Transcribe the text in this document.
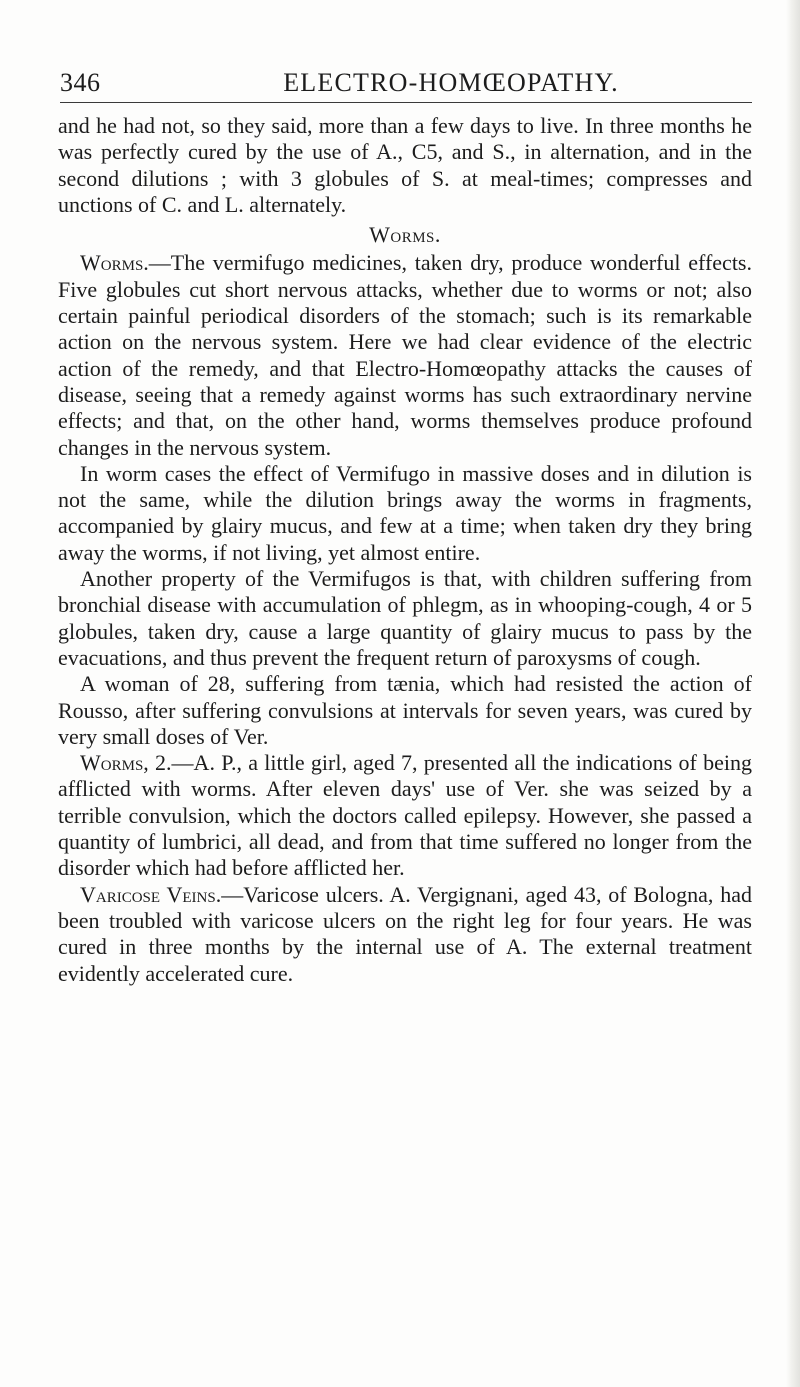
346	ELECTRO-HOMŒOPATHY.

and he had not, so they said, more than a few days to live. In three months he was perfectly cured by the use of A., C5, and S., in alternation, and in the second dilutions ; with 3 globules of S. at meal-times; compresses and unctions of C. and L. alternately.

Worms.

Worms.—The vermifugo medicines, taken dry, produce wonderful effects. Five globules cut short nervous attacks, whether due to worms or not; also certain painful periodical disorders of the stomach; such is its remarkable action on the nervous system. Here we had clear evidence of the electric action of the remedy, and that Electro-Homœopathy attacks the causes of disease, seeing that a remedy against worms has such extraordinary nervine effects; and that, on the other hand, worms themselves produce profound changes in the nervous system.

In worm cases the effect of Vermifugo in massive doses and in dilution is not the same, while the dilution brings away the worms in fragments, accompanied by glairy mucus, and few at a time; when taken dry they bring away the worms, if not living, yet almost entire.

Another property of the Vermifugos is that, with children suffering from bronchial disease with accumulation of phlegm, as in whooping-cough, 4 or 5 globules, taken dry, cause a large quantity of glairy mucus to pass by the evacuations, and thus prevent the frequent return of paroxysms of cough.

A woman of 28, suffering from tænia, which had resisted the action of Rousso, after suffering convulsions at intervals for seven years, was cured by very small doses of Ver.

Worms, 2.—A. P., a little girl, aged 7, presented all the indications of being afflicted with worms. After eleven days' use of Ver. she was seized by a terrible convulsion, which the doctors called epilepsy. However, she passed a quantity of lumbrici, all dead, and from that time suffered no longer from the disorder which had before afflicted her.

Varicose Veins.—Varicose ulcers. A. Vergignani, aged 43, of Bologna, had been troubled with varicose ulcers on the right leg for four years. He was cured in three months by the internal use of A. The external treatment evidently accelerated cure.
